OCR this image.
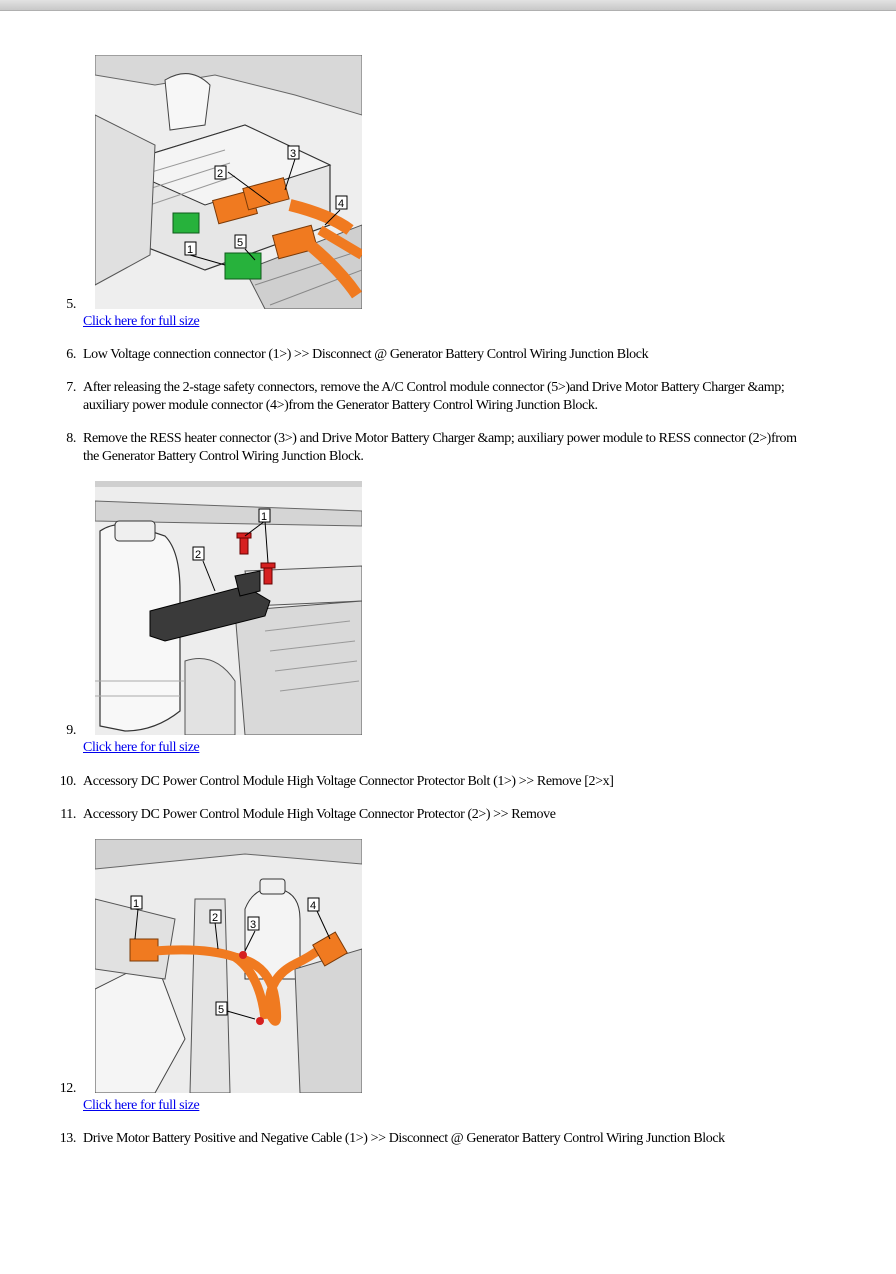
1
2
3
4
5
5.
Click here for full size
6. Low Voltage connection connector (1>) >> Disconnect @ Generator Battery Control Wiring Junction Block
7. After releasing the 2-stage safety connectors, remove the A/C Control module connector (5>)and Drive Motor Battery Charger &amp;
auxiliary power module connector (4>)from the Generator Battery Control Wiring Junction Block.
8. Remove the RESS heater connector (3>) and Drive Motor Battery Charger &amp; auxiliary power module to RESS connector (2>)from
the Generator Battery Control Wiring Junction Block.
1
2
9.
Click here for full size
10. Accessory DC Power Control Module High Voltage Connector Protector Bolt (1>) >> Remove [2>x]
11. Accessory DC Power Control Module High Voltage Connector Protector (2>) >> Remove
1
2
3
4
5
12.
Click here for full size
13. Drive Motor Battery Positive and Negative Cable (1>) >> Disconnect @ Generator Battery Control Wiring Junction Block
